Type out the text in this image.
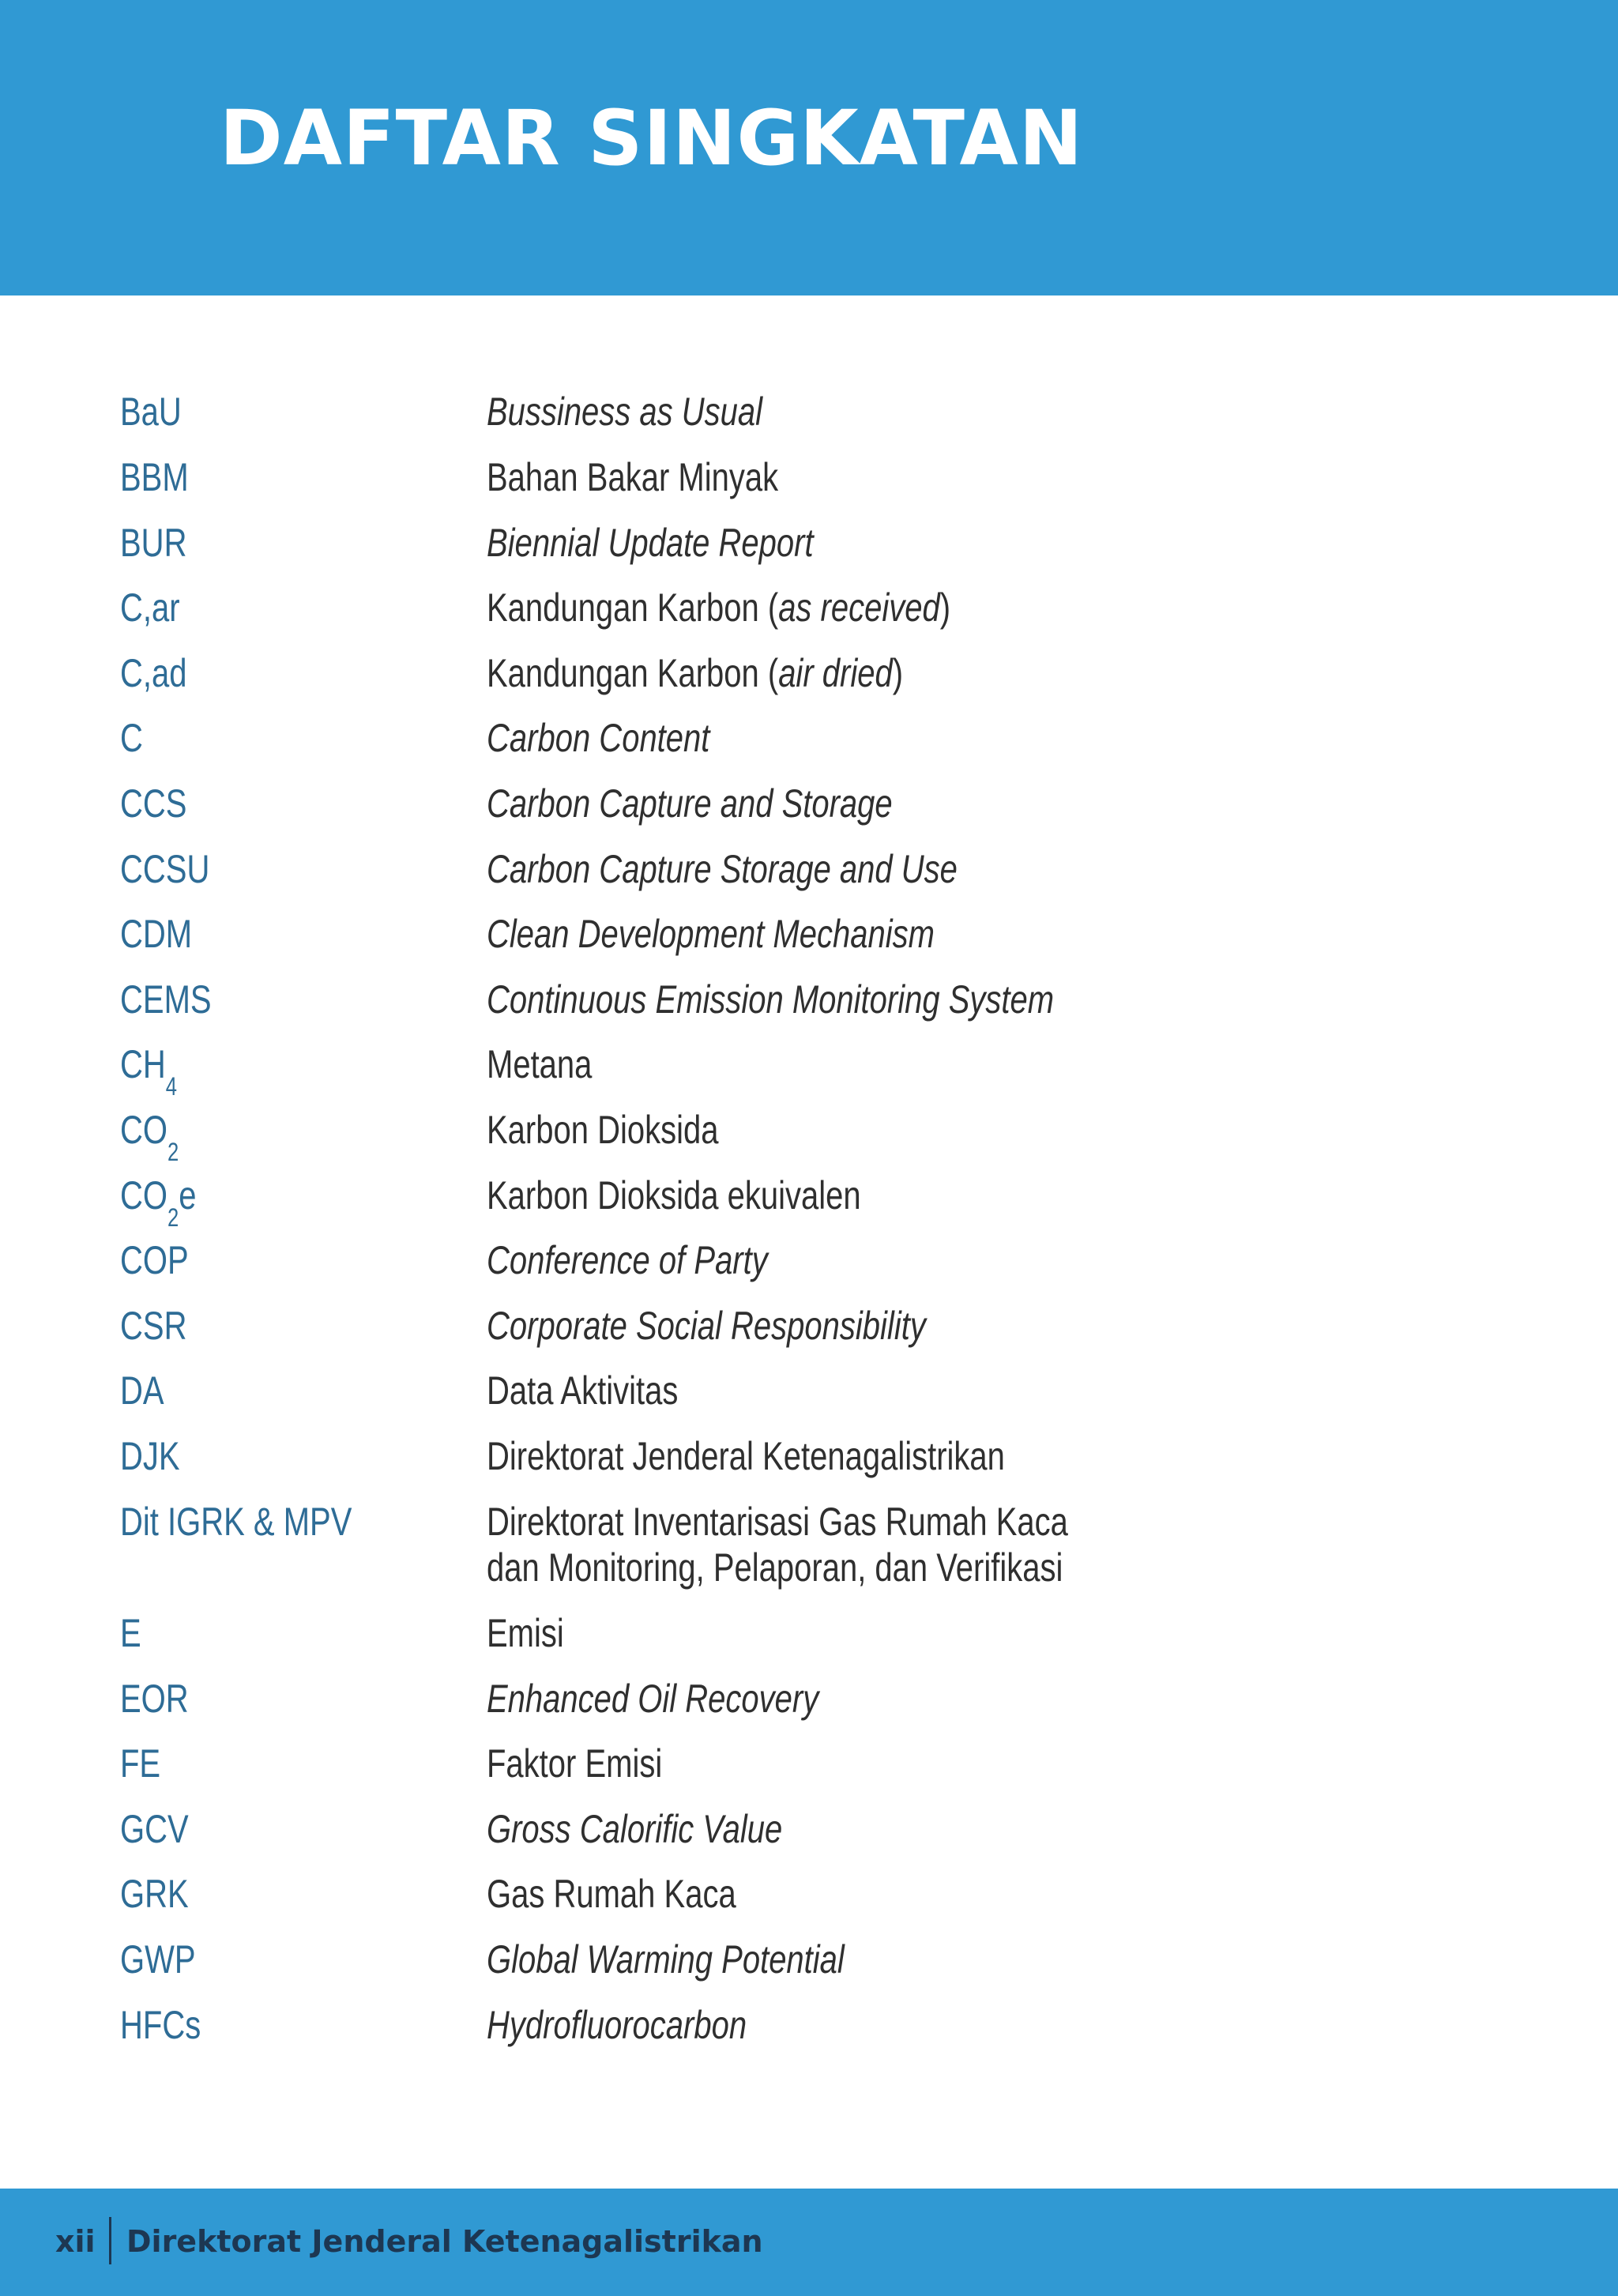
DAFTAR SINGKATAN
BaU	Bussiness as Usual
BBM	Bahan Bakar Minyak
BUR	Biennial Update Report
C,ar	Kandungan Karbon (as received)
C,ad	Kandungan Karbon (air dried)
C	Carbon Content
CCS	Carbon Capture and Storage
CCSU	Carbon Capture Storage and Use
CDM	Clean Development Mechanism
CEMS	Continuous Emission Monitoring System
$CH_4$	Metana
$CO_2$	Karbon Dioksida
$CO_2e$	Karbon Dioksida ekuivalen
COP	Conference of Party
CSR	Corporate Social Responsibility
DA	Data Aktivitas
DJK	Direktorat Jenderal Ketenagalistrikan
Dit IGRK & MPV	Direktorat Inventarisasi Gas Rumah Kaca
dan Monitoring, Pelaporan, dan Verifikasi
E	Emisi
EOR	Enhanced Oil Recovery
FE	Faktor Emisi
GCV	Gross Calorific Value
GRK	Gas Rumah Kaca
GWP	Global Warming Potential
HFCs	Hydrofluorocarbon
xii Direktorat Jenderal Ketenagalistrikan
